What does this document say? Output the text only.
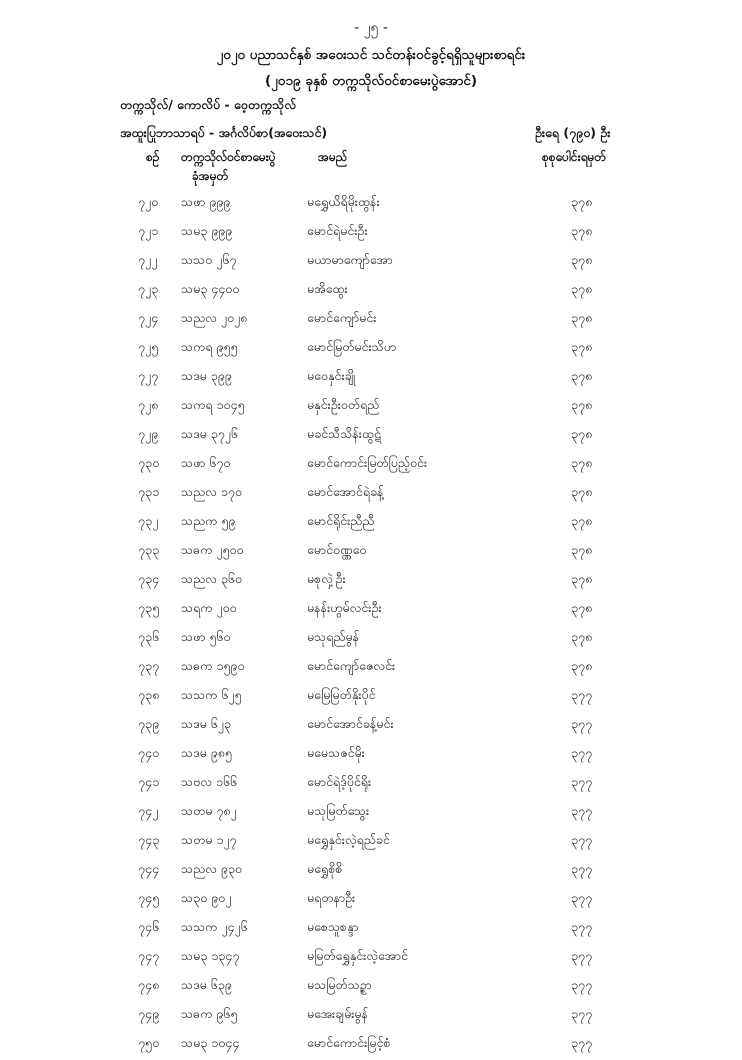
- ၂၅ -
၂၀၂၀ ပညာသင်နှစ် အဝေးသင် သင်တန်းဝင်ခွင့်ရရှိသူများစာရင်း
(၂၀၁၉ ခုနှစ် တက္ကသိုလ်ဝင်စာမေးပွဲအောင်)
တက္ကသိုလ်/ ကောလိပ် - ဝေ့တက္ကသိုလ်
အထူးပြုဘာသာရပ် - အင်္ဂလိပ်စာ(အဝေးသင်)	ဦးရေ (၇၉၀) ဦး
စဉ် တက္ကသိုလ်ဝင်စာမေးပွဲ
ခုံအမှတ်
အမည်	စုစုပေါင်းရမှတ်
၇၂၀ သဖာ ၉၉၉	မရွှေယိရိမိုးထွန်း	၃၇၈
၇၂၁ သမ၃ ၉၉၉	မောင်ရဲမင်းဦး	၃၇၈
၇၂၂ သသ၀ ၂၆၇	မယာမာကျော်အော	၃၇၈
၇၂၃ သမ၃ ၄၄၀၀	မအိထွေး	၃၇၈
၇၂၄ သညလ ၂၀၂၈	မောင်ကျော်မင်း	၃၇၈
၇၂၅ သကရ ၉၅၅	မောင်မြတ်မင်းသိဟ	၃၇၈
၇၂၇ သဒမ ၃၉၉	မဝေနှင်းချို	၃၇၈
၇၂၈ သကရ ၁၀၄၅	မနှင်းဦးဝတ်ရည်	၃၇၈
၇၂၉ သဒမ ၃၇၂၆	မခင်သီသိန်းထွဋ်	၃၇၈
၇၃၀ သဖာ ၆၇၀	မောင်ကောင်းမြတ်ပြည့်ဝင်း	၃၇၈
၇၃၁ သညလ ၁၇၀	မောင်အောင်ရဲခန့်	၃၇၈
၇၃၂ သညက ၅၉	မောင်ရိုင်းညီညီ	၃၇၈
၇၃၃ သဓက ၂၅၀၀	မောင်ဝဏ္ဏဝေ	၃၇၈
၇၃၄ သညလ ၃၆၀	မစုလှဲ့ဦး	၃၇၈
၇၃၅ သရက ၂၀၀	မနန်းဟွမ်လင်းဦး	၃၇၈
၇၃၆ သဖာ ၅၆၀	မသုရည်မွန်	၃၇၈
၇၃၇ သဓက ၁၅၉၀	မောင်ကျော်ဇေလင်း	၃၇၈
၇၃၈ သသက ၆၂၅	မမြေမြတ်နိုးပိုင်	၃၇၇
၇၃၉ သဒမ ၆၂၃	မောင်အောင်ခန့်မင်း	၃၇၇
၇၄၀ သဒမ ၉၈၅	မမေသဇင်မိုး	၃၇၇
၇၄၁ သဗလ ၁၆၆	မောင်ရဲဒ့်ပိုင်ရိုး	၃၇၇
၇၄၂ သတမ ၇၈၂	မသုမြတ်သွေး	၃၇၇
၇၄၃ သတမ ၁၂၇	မရွှေနှင်းလဲ့ရည်ခင်	၃၇၇
၇၄၄ သညလ ၉၃၀	မရွှေစိုစိ	၃၇၇
၇၄၅ သ၃၀ ၉၀၂	မရတနာဦး	၃၇၇
၇၄၆ သသက ၂၄၂၆	မစေသူစန္ဒာ	၃၇၇
၇၄၇ သမ၃ ၁၃၄၇	မမြတ်ရွှေနှင်းလဲ့အောင်	၃၇၇
၇၄၈ သဒမ ၆၃၉	မသမြတ်သဥ္စာ	၃၇၇
၇၄၉ သဓက ၉၆၅	မအေးချမ်းမွန်	၃၇၇
၇၅၀ သမ၃ ၁၀၄၄	မောင်ကောင်းမြင့်စံ	၃၇၇
